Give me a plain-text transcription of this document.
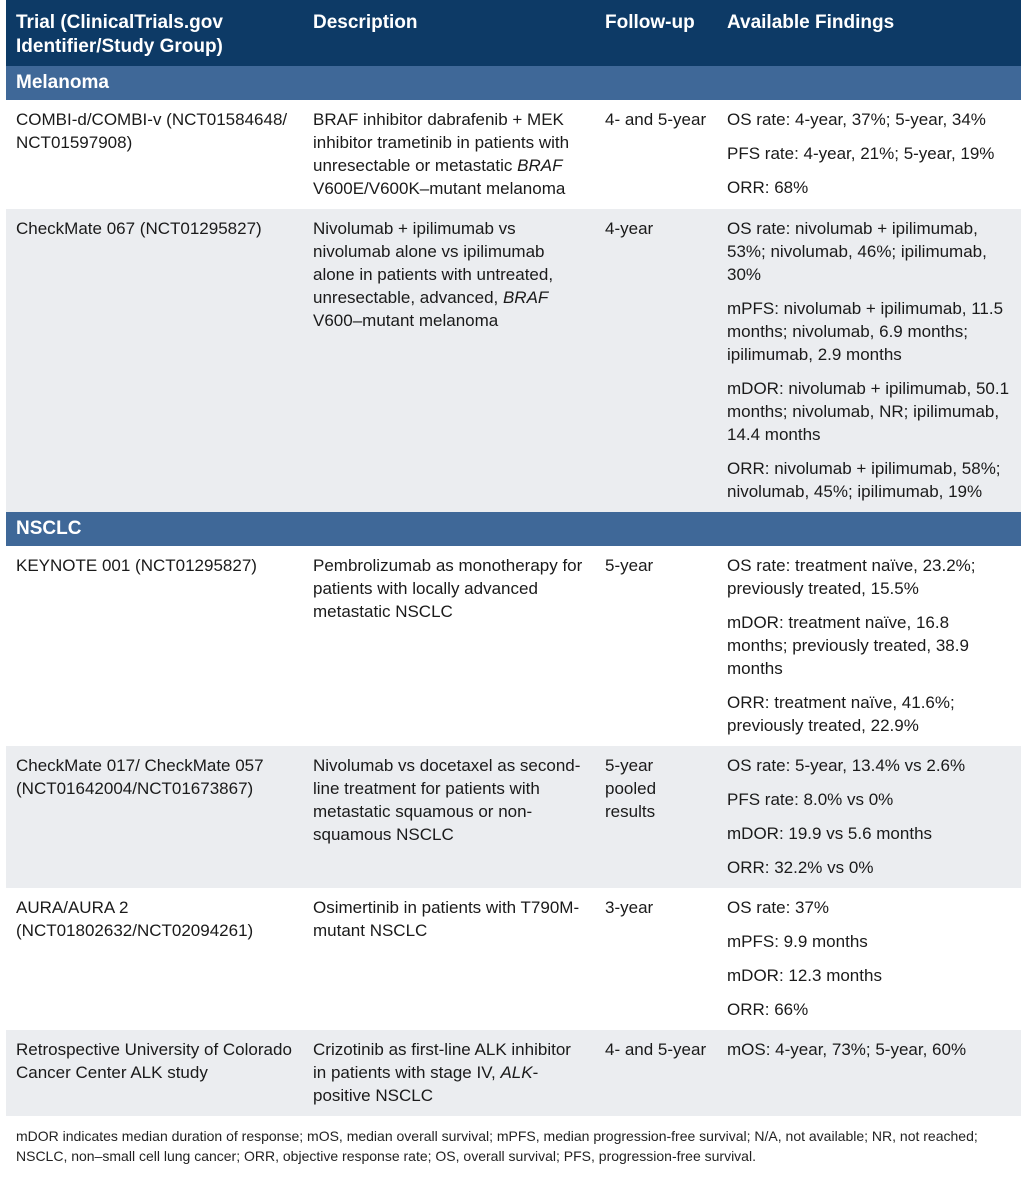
Trial (ClinicalTrials.gov Identifier/Study Group)	Description	Follow-up	Available Findings
Melanoma			
COMBI-d/COMBI-v (NCT01584648/ NCT01597908)	BRAF inhibitor dabrafenib + MEK inhibitor trametinib in patients with unresectable or metastatic BRAF V600E/V600K–mutant melanoma	4- and 5-year	OS rate: 4-year, 37%; 5-year, 34%
PFS rate: 4-year, 21%; 5-year, 19%
ORR: 68%

CheckMate 067 (NCT01295827)	Nivolumab + ipilimumab vs nivolumab alone vs ipilimumab alone in patients with untreated, unresectable, advanced, BRAF V600–mutant melanoma	4-year	OS rate: nivolumab + ipilimumab, 53%; nivolumab, 46%; ipilimumab, 30%
mPFS: nivolumab + ipilimumab, 11.5 months; nivolumab, 6.9 months; ipilimumab, 2.9 months
mDOR: nivolumab + ipilimumab, 50.1 months; nivolumab, NR; ipilimumab, 14.4 months
ORR: nivolumab + ipilimumab, 58%; nivolumab, 45%; ipilimumab, 19%

NSCLC			
KEYNOTE 001 (NCT01295827)	Pembrolizumab as monotherapy for patients with locally advanced metastatic NSCLC	5-year	OS rate: treatment naïve, 23.2%; previously treated, 15.5%
mDOR: treatment naïve, 16.8 months; previously treated, 38.9 months
ORR: treatment naïve, 41.6%; previously treated, 22.9%

CheckMate 017/ CheckMate 057 (NCT01642004/NCT01673867)	Nivolumab vs docetaxel as second-line treatment for patients with metastatic squamous or non-squamous NSCLC	5-year pooled results	OS rate: 5-year, 13.4% vs 2.6%
PFS rate: 8.0% vs 0%
mDOR: 19.9 vs 5.6 months
ORR: 32.2% vs 0%

AURA/AURA 2 (NCT01802632/NCT02094261)	Osimertinib in patients with T790M-mutant NSCLC	3-year	OS rate: 37%
mPFS: 9.9 months
mDOR: 12.3 months
ORR: 66%

Retrospective University of Colorado Cancer Center ALK study	Crizotinib as first-line ALK inhibitor in patients with stage IV, ALK-positive NSCLC	4- and 5-year	mOS: 4-year, 73%; 5-year, 60%
mDOR indicates median duration of response; mOS, median overall survival; mPFS, median progression-free survival; N/A, not available; NR, not reached; NSCLC, non–small cell lung cancer; ORR, objective response rate; OS, overall survival; PFS, progression-free survival.
